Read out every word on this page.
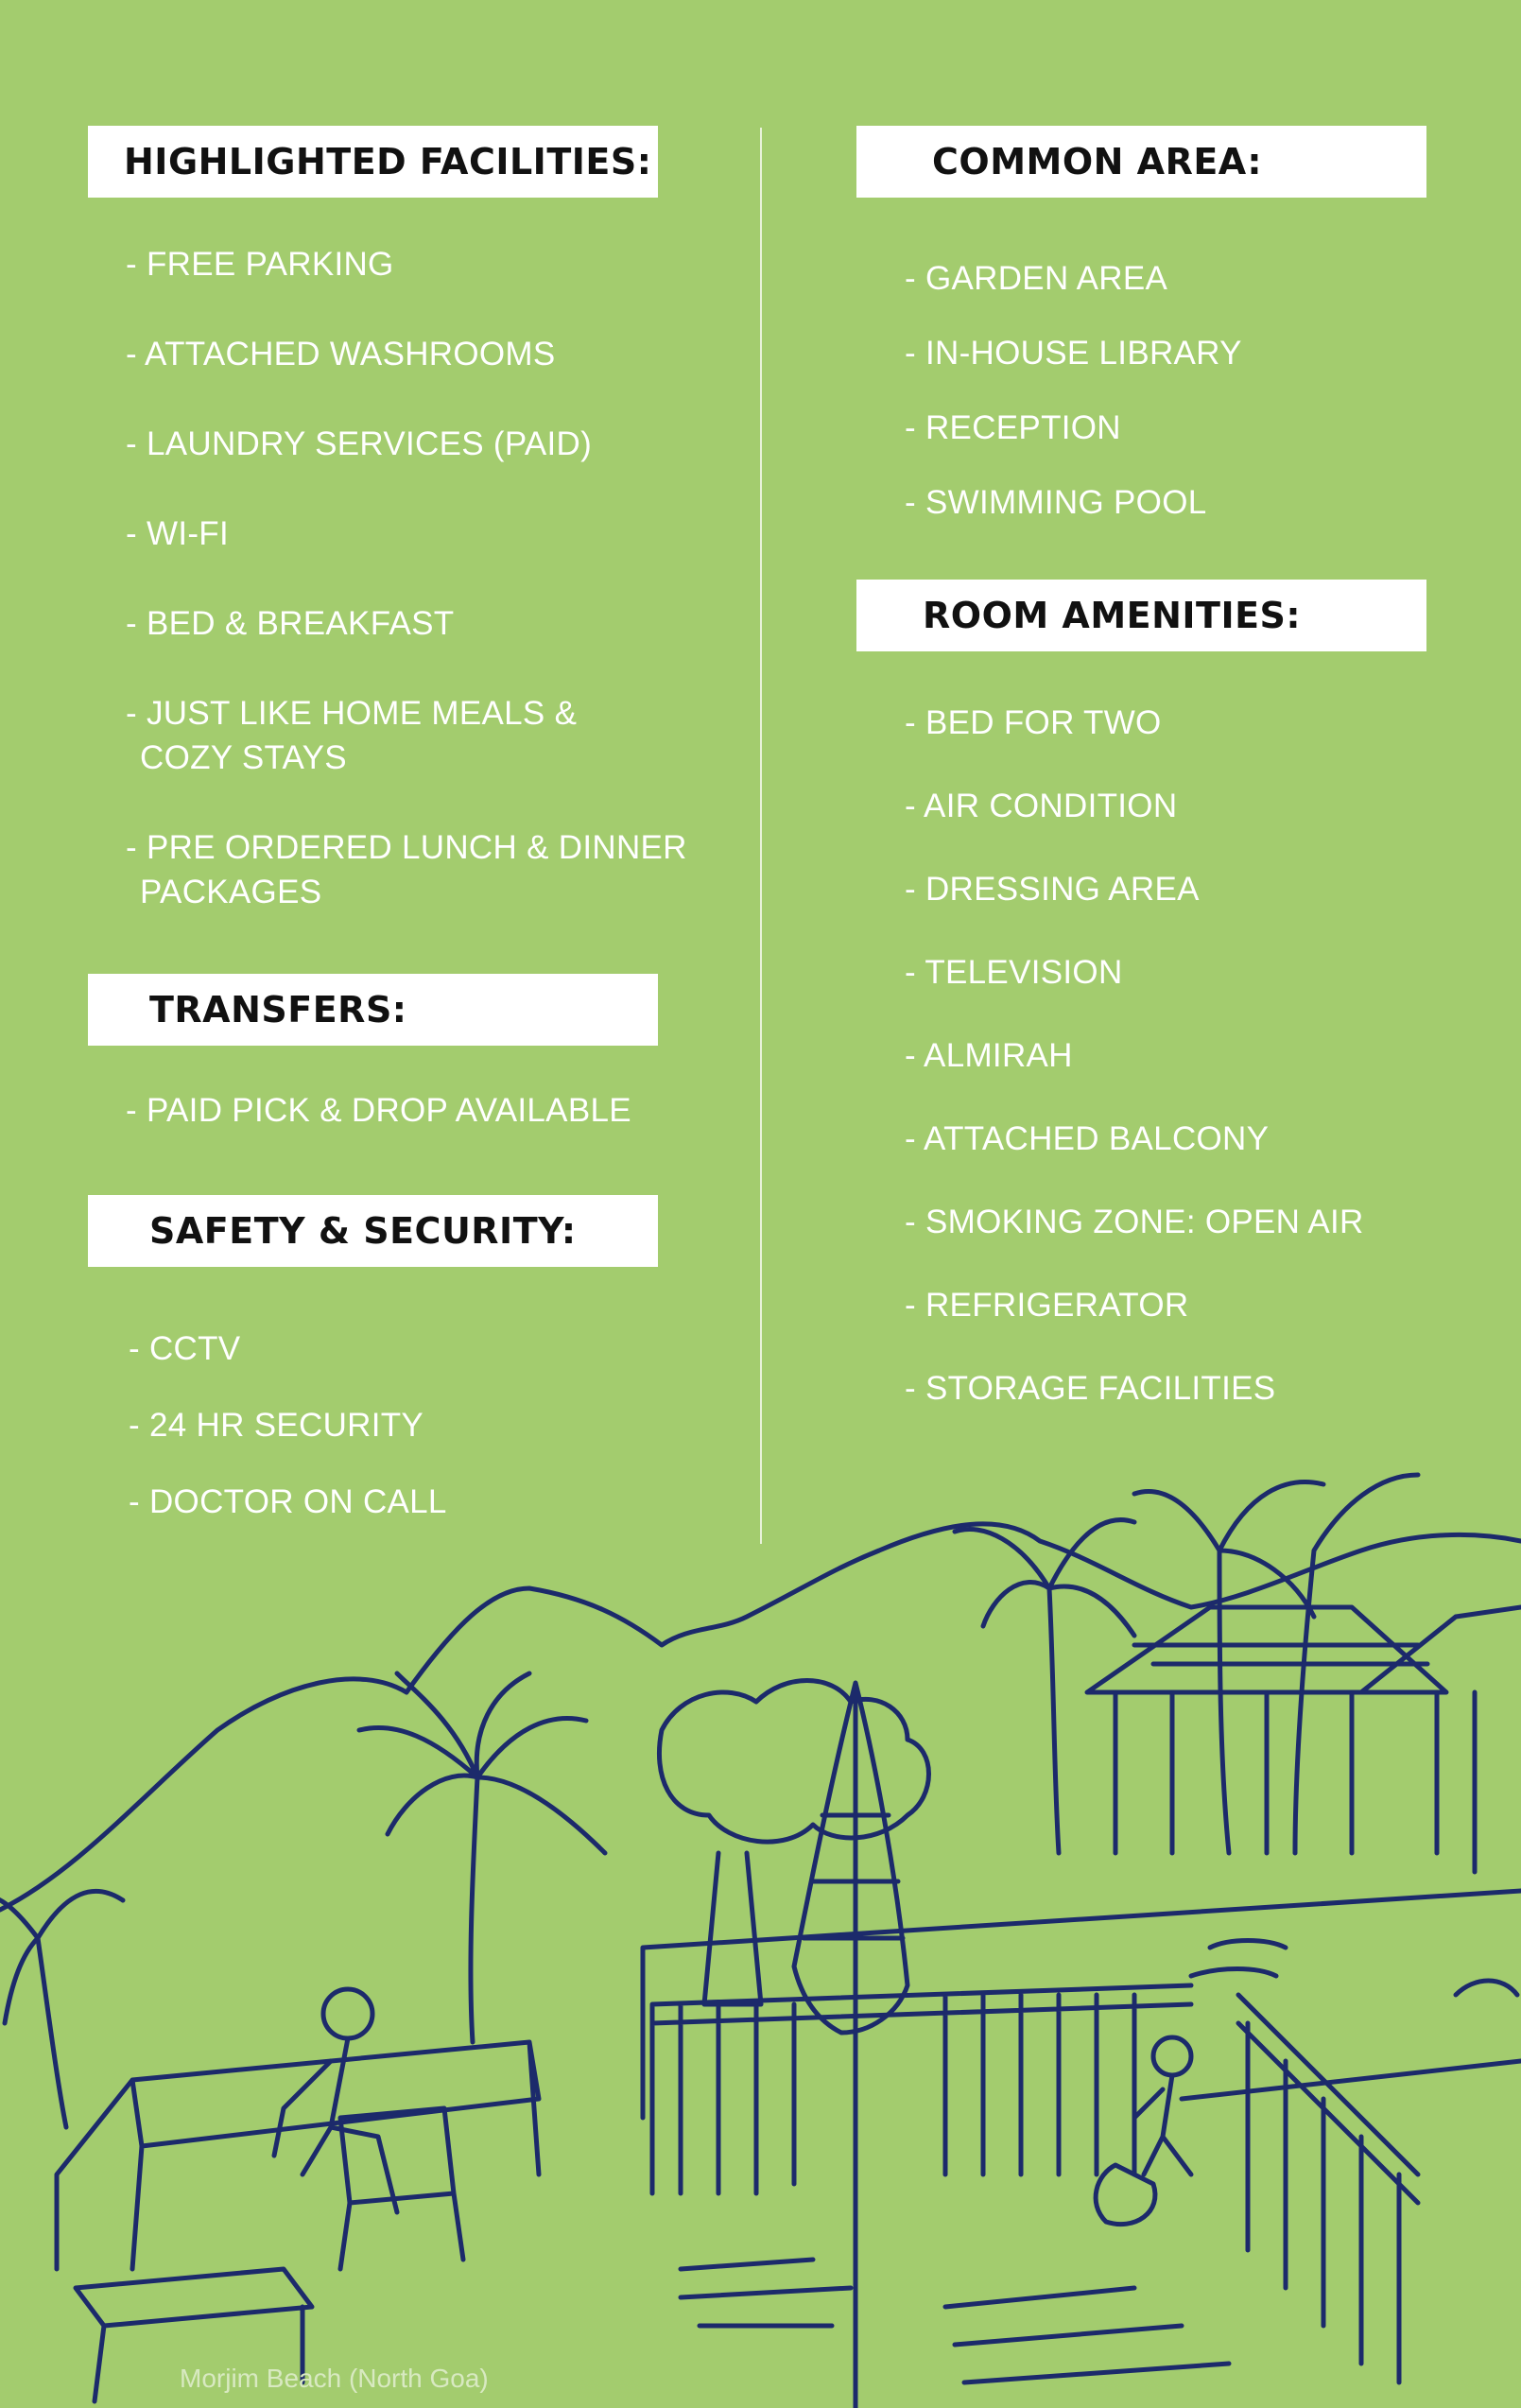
HIGHLIGHTED FACILITIES:
- FREE PARKING
- ATTACHED WASHROOMS
- LAUNDRY SERVICES (PAID)
- WI-FI
- BED & BREAKFAST
- JUST LIKE HOME MEALS &
COZY STAYS
- PRE ORDERED LUNCH & DINNER
PACKAGES
TRANSFERS:
- PAID PICK & DROP AVAILABLE
SAFETY & SECURITY:
- CCTV
- 24 HR SECURITY
- DOCTOR ON CALL
COMMON AREA:
- GARDEN AREA
- IN-HOUSE LIBRARY
- RECEPTION
- SWIMMING POOL
ROOM AMENITIES:
- BED FOR TWO
- AIR CONDITION
- DRESSING AREA
- TELEVISION
- ALMIRAH
- ATTACHED BALCONY
- SMOKING ZONE: OPEN AIR
- REFRIGERATOR
- STORAGE FACILITIES
Morjim Beach (North Goa)
